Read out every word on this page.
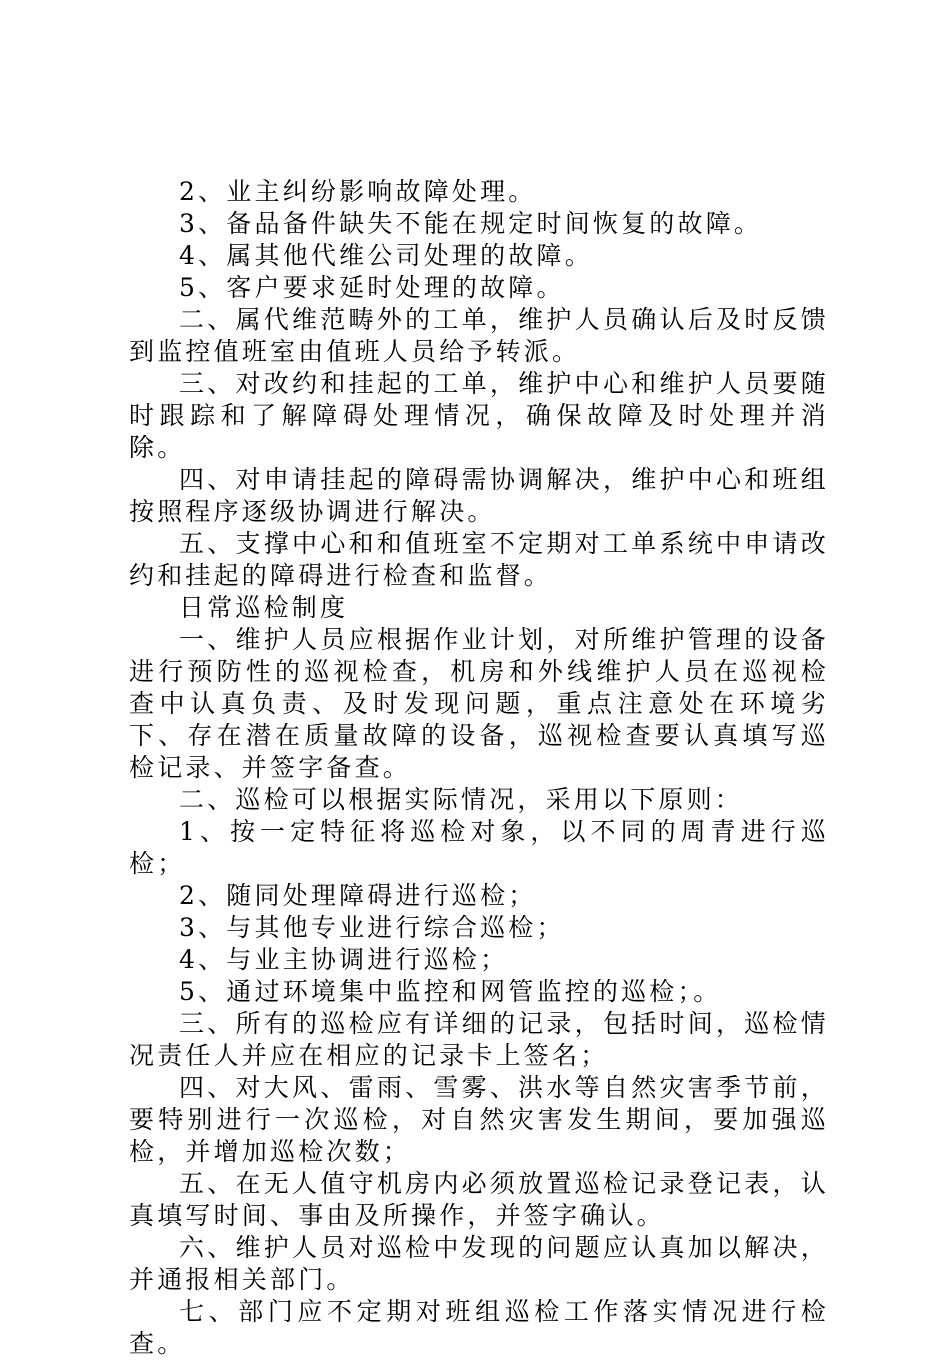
2、业主纠纷影响故障处理。

3、备品备件缺失不能在规定时间恢复的故障。

4、属其他代维公司处理的故障。

5、客户要求延时处理的故障。

二、属代维范畴外的工单，维护人员确认后及时反馈到监控值班室由值班人员给予转派。

三、对改约和挂起的工单，维护中心和维护人员要随时跟踪和了解障碍处理情况，确保故障及时处理并消除。

四、对申请挂起的障碍需协调解决，维护中心和班组按照程序逐级协调进行解决。

五、支撑中心和和值班室不定期对工单系统中申请改约和挂起的障碍进行检查和监督。

日常巡检制度

一、维护人员应根据作业计划，对所维护管理的设备进行预防性的巡视检查，机房和外线维护人员在巡视检查中认真负责、及时发现问题，重点注意处在环境劣下、存在潜在质量故障的设备，巡视检查要认真填写巡检记录、并签字备查。

二、巡检可以根据实际情况，采用以下原则：

1、按一定特征将巡检对象，以不同的周青进行巡检；

2、随同处理障碍进行巡检；

3、与其他专业进行综合巡检；

4、与业主协调进行巡检；

5、通过环境集中监控和网管监控的巡检；。

三、所有的巡检应有详细的记录，包括时间，巡检情况责任人并应在相应的记录卡上签名；

四、对大风、雷雨、雪雾、洪水等自然灾害季节前，要特别进行一次巡检，对自然灾害发生期间，要加强巡检，并增加巡检次数；

五、在无人值守机房内必须放置巡检记录登记表，认真填写时间、事由及所操作，并签字确认。

六、维护人员对巡检中发现的问题应认真加以解决，并通报相关部门。

七、部门应不定期对班组巡检工作落实情况进行检查。
